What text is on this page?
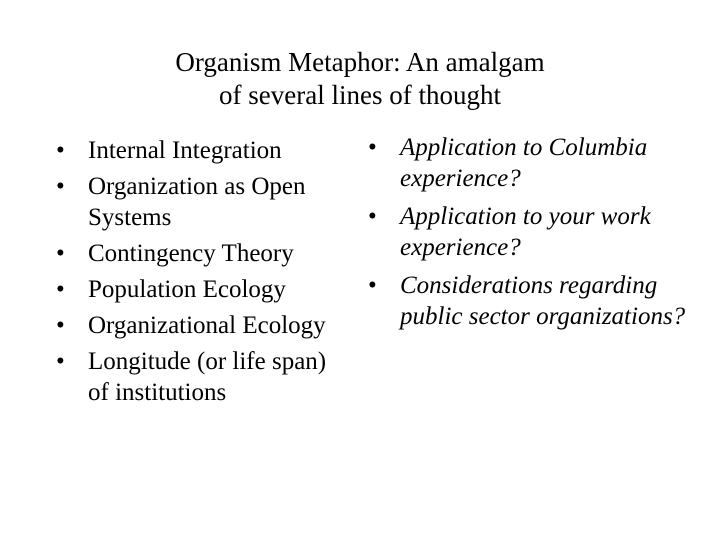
Organism Metaphor: An amalgam
of several lines of thought
• Internal Integration
• Organization as Open Systems
• Contingency Theory
• Population Ecology
• Organizational Ecology
• Longitude (or life span) of institutions
• Application to Columbia experience?
• Application to your work experience?
• Considerations regarding public sector organizations?
